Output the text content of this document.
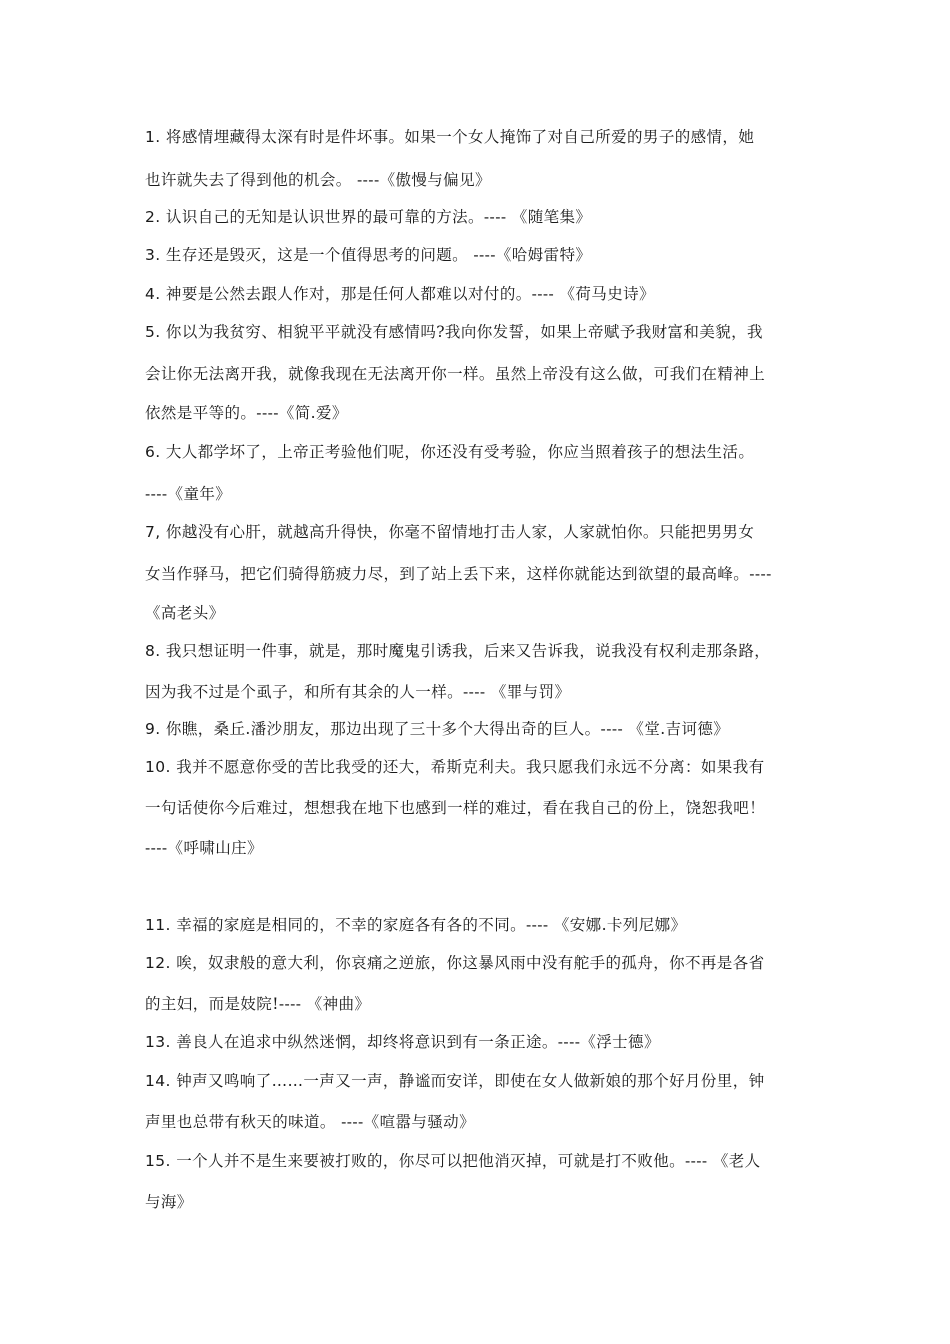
1. 将感情埋藏得太深有时是件坏事。如果一个女人掩饰了对自己所爱的男子的感情，她
也许就失去了得到他的机会。 ----《傲慢与偏见》
2. 认识自己的无知是认识世界的最可靠的方法。---- 《随笔集》
3. 生存还是毁灭，这是一个值得思考的问题。 ----《哈姆雷特》
4. 神要是公然去跟人作对，那是任何人都难以对付的。---- 《荷马史诗》
5. 你以为我贫穷、相貌平平就没有感情吗?我向你发誓，如果上帝赋予我财富和美貌，我
会让你无法离开我，就像我现在无法离开你一样。虽然上帝没有这么做，可我们在精神上
依然是平等的。----《简.爱》
6. 大人都学坏了，上帝正考验他们呢，你还没有受考验，你应当照着孩子的想法生活。
----《童年》
7, 你越没有心肝，就越高升得快，你毫不留情地打击人家，人家就怕你。只能把男男女
女当作驿马，把它们骑得筋疲力尽，到了站上丢下来，这样你就能达到欲望的最高峰。----
《高老头》
8. 我只想证明一件事，就是，那时魔鬼引诱我，后来又告诉我，说我没有权利走那条路，
因为我不过是个虱子，和所有其余的人一样。---- 《罪与罚》
9. 你瞧，桑丘.潘沙朋友，那边出现了三十多个大得出奇的巨人。---- 《堂.吉诃德》
10. 我并不愿意你受的苦比我受的还大，希斯克利夫。我只愿我们永远不分离：如果我有
一句话使你今后难过，想想我在地下也感到一样的难过，看在我自己的份上，饶恕我吧！
----《呼啸山庄》
11. 幸福的家庭是相同的，不幸的家庭各有各的不同。---- 《安娜.卡列尼娜》
12. 唉，奴隶般的意大利，你哀痛之逆旅，你这暴风雨中没有舵手的孤舟，你不再是各省
的主妇，而是妓院!---- 《神曲》
13. 善良人在追求中纵然迷惘，却终将意识到有一条正途。----《浮士德》
14. 钟声又鸣响了……一声又一声，静谧而安详，即使在女人做新娘的那个好月份里，钟
声里也总带有秋天的味道。 ----《喧嚣与骚动》
15. 一个人并不是生来要被打败的，你尽可以把他消灭掉，可就是打不败他。---- 《老人
与海》
